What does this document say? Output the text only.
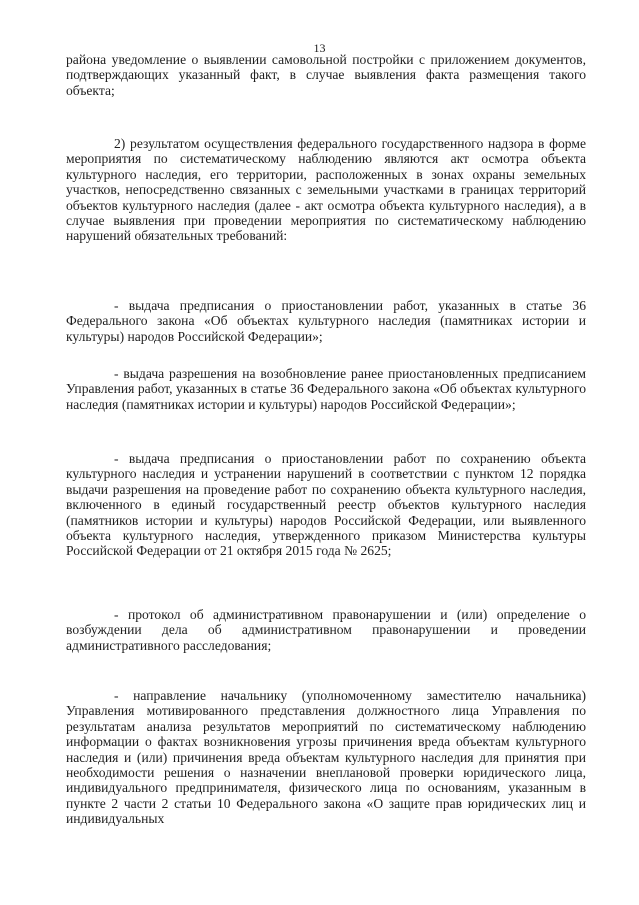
13

района уведомление о выявлении самовольной постройки с приложением документов, подтверждающих указанный факт, в случае выявления факта размещения такого объекта;

2) результатом осуществления федерального государственного надзора в форме мероприятия по систематическому наблюдению являются акт осмотра объекта культурного наследия, его территории, расположенных в зонах охраны земельных участков, непосредственно связанных с земельными участками в границах территорий объектов культурного наследия (далее - акт осмотра объекта культурного наследия), а в случае выявления при проведении мероприятия по систематическому наблюдению нарушений обязательных требований:

- выдача предписания о приостановлении работ, указанных в статье 36 Федерального закона «Об объектах культурного наследия (памятниках истории и культуры) народов Российской Федерации»;

- выдача разрешения на возобновление ранее приостановленных предписанием Управления работ, указанных в статье 36 Федерального закона «Об объектах культурного наследия (памятниках истории и культуры) народов Российской Федерации»;

- выдача предписания о приостановлении работ по сохранению объекта культурного наследия и устранении нарушений в соответствии с пунктом 12 порядка выдачи разрешения на проведение работ по сохранению объекта культурного наследия, включенного в единый государственный реестр объектов культурного наследия (памятников истории и культуры) народов Российской Федерации, или выявленного объекта культурного наследия, утвержденного приказом Министерства культуры Российской Федерации от 21 октября 2015 года № 2625;

- протокол об административном правонарушении и (или) определение о возбуждении дела об административном правонарушении и проведении административного расследования;

- направление начальнику (уполномоченному заместителю начальника) Управления мотивированного представления должностного лица Управления по результатам анализа результатов мероприятий по систематическому наблюдению информации о фактах возникновения угрозы причинения вреда объектам культурного наследия и (или) причинения вреда объектам культурного наследия для принятия при необходимости решения о назначении внеплановой проверки юридического лица, индивидуального предпринимателя, физического лица по основаниям, указанным в пункте 2 части 2 статьи 10 Федерального закона «О защите прав юридических лиц и индивидуальных
